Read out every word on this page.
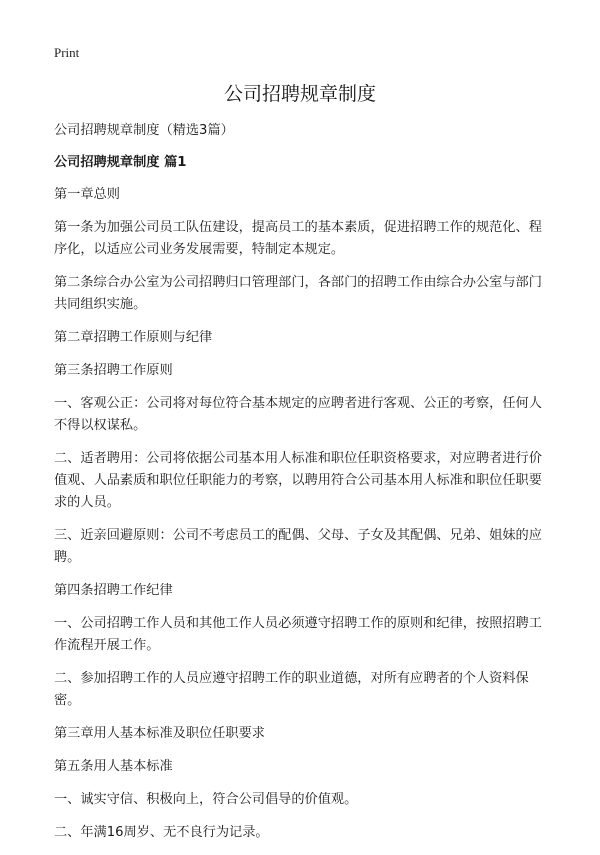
Print
公司招聘规章制度

公司招聘规章制度（精选3篇）

公司招聘规章制度 篇1

第一章总则

第一条为加强公司员工队伍建设，提高员工的基本素质，促进招聘工作的规范化、程序化，以适应公司业务发展需要，特制定本规定。

第二条综合办公室为公司招聘归口管理部门，各部门的招聘工作由综合办公室与部门共同组织实施。

第二章招聘工作原则与纪律

第三条招聘工作原则

一、客观公正：公司将对每位符合基本规定的应聘者进行客观、公正的考察，任何人不得以权谋私。

二、适者聘用：公司将依据公司基本用人标准和职位任职资格要求，对应聘者进行价值观、人品素质和职位任职能力的考察，以聘用符合公司基本用人标准和职位任职要求的人员。

三、近亲回避原则：公司不考虑员工的配偶、父母、子女及其配偶、兄弟、姐妹的应聘。

第四条招聘工作纪律

一、公司招聘工作人员和其他工作人员必须遵守招聘工作的原则和纪律，按照招聘工作流程开展工作。

二、参加招聘工作的人员应遵守招聘工作的职业道德，对所有应聘者的个人资料保密。

第三章用人基本标准及职位任职要求

第五条用人基本标准

一、诚实守信、积极向上，符合公司倡导的价值观。

二、年满16周岁、无不良行为记录。
